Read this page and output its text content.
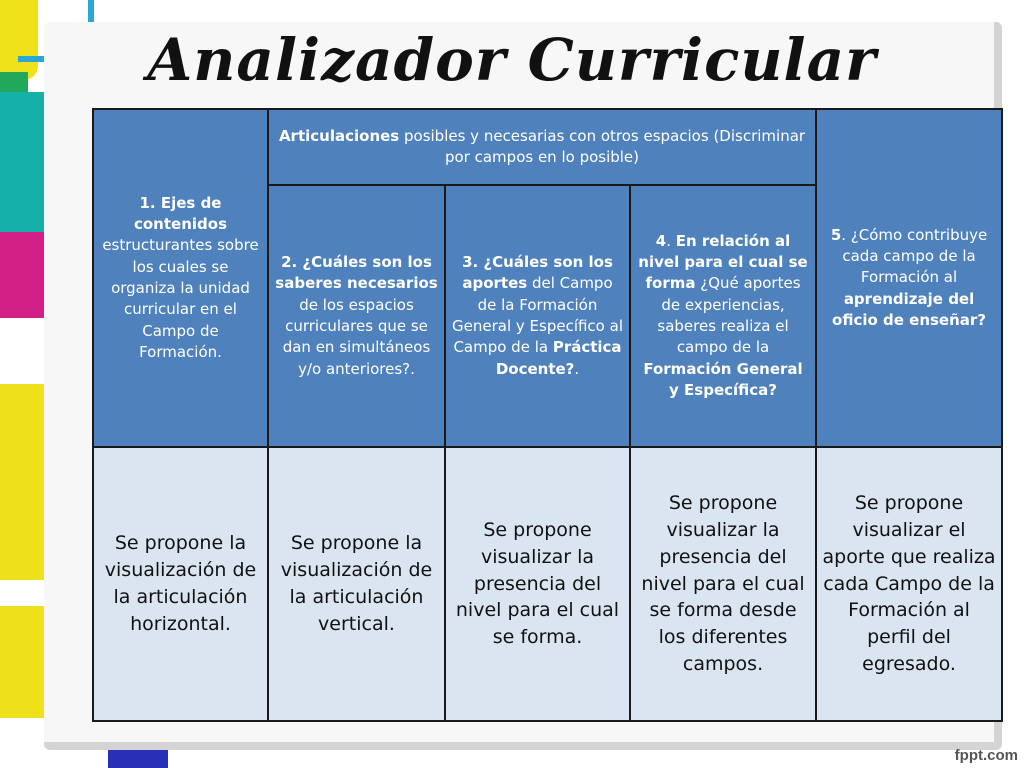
Analizador Curricular
1. Ejes de contenidos estructurantes sobre los cuales se organiza la unidad curricular en el Campo de Formación.	Articulaciones posibles y necesarias con otros espacios (Discriminar por campos en lo posible)			5. ¿Cómo contribuye cada campo de la Formación al aprendizaje del oficio de enseñar?
	2. ¿Cuáles son los saberes necesarios de los espacios curriculares que se dan en simultáneos y/o anteriores?.	3. ¿Cuáles son los aportes del Campo de la Formación General y Específico al Campo de la Práctica Docente?.	4. En relación al nivel para el cual se forma ¿Qué aportes de experiencias, saberes realiza el campo de la Formación General y Específica?	
Se propone la visualización de la articulación horizontal.	Se propone la visualización de la articulación vertical.	Se propone visualizar la presencia del nivel para el cual se forma.	Se propone visualizar la presencia del nivel para el cual se forma desde los diferentes campos.	Se propone visualizar el aporte que realiza cada Campo de la Formación al perfil del egresado.
fppt.com
